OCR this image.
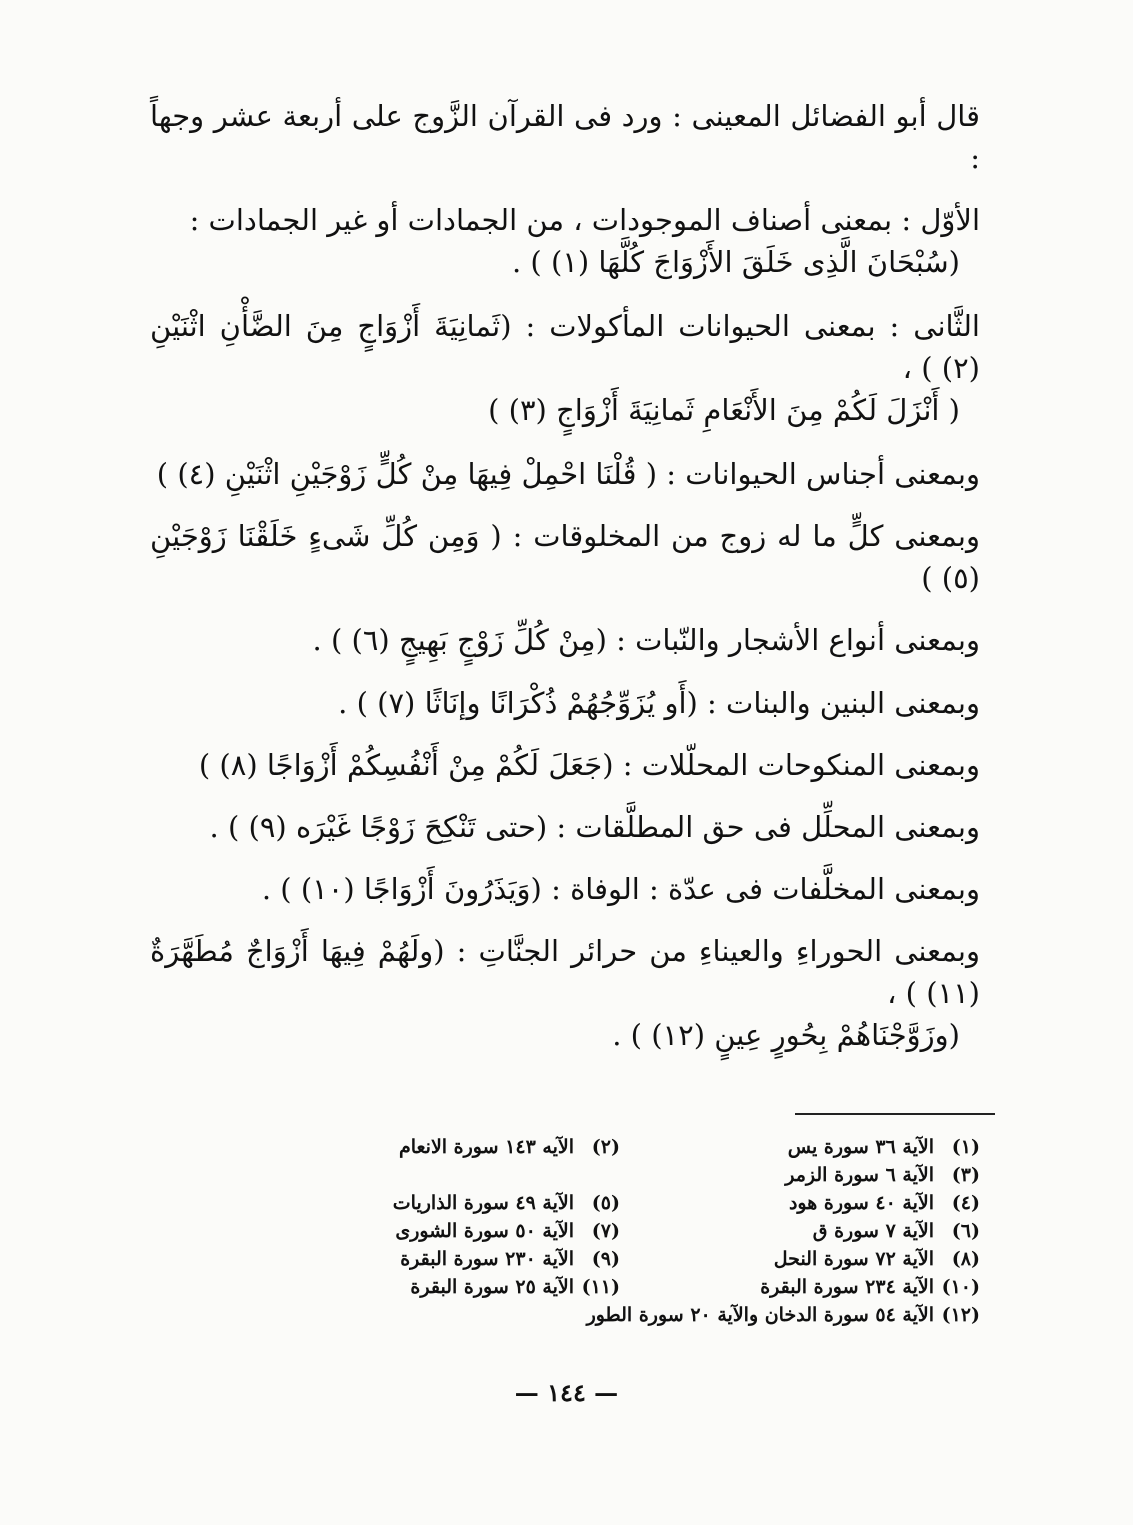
قال أبو الفضائل المعينى : ورد فى القرآن الزَّوج على أربعة عشر وجهاً :

الأوّل : بمعنى أصناف الموجودات ، من الجمادات أو غير الجمادات :
(سُبْحَانَ الَّذِى خَلَقَ الأَزْوَاجَ كُلَّهَا (١) ) .

الثَّانى : بمعنى الحيوانات المأكولات : (ثَمانِيَةَ أَزْوَاجٍ مِنَ الضَّأْنِ اثْنَيْنِ (٢) ) ،
( أَنْزَلَ لَكُمْ مِنَ الأَنْعَامِ ثَمانِيَةَ أَزْوَاجٍ (٣) )

وبمعنى أجناس الحيوانات : ( قُلْنَا احْمِلْ فِيهَا مِنْ كُلٍّ زَوْجَيْنِ اثْنَيْنِ (٤) )

وبمعنى كلٍّ ما له زوج من المخلوقات : ( وَمِن كُلِّ شَىءٍ خَلَقْنَا زَوْجَيْنِ (٥) )

وبمعنى أنواع الأشجار والنّبات : (مِنْ كُلِّ زَوْجٍ بَهِيجٍ (٦) ) .

وبمعنى البنين والبنات : (أَو يُزَوِّجُهُمْ ذُكْرَانًا وإنَاثًا (٧) ) .

وبمعنى المنكوحات المحلّلات : (جَعَلَ لَكُمْ مِنْ أَنْفُسِكُمْ أَزْوَاجًا (٨) )

وبمعنى المحلِّل فى حق المطلَّقات : (حتى تَنْكِحَ زَوْجًا غَيْرَه (٩) ) .

وبمعنى المخلَّفات فى عدّة : الوفاة : (وَيَذَرُونَ أَزْوَاجًا (١٠) ) .

وبمعنى الحوراءِ والعيناءِ من حرائر الجنَّاتِ : (ولَهُمْ فِيهَا أَزْوَاجٌ مُطَهَّرَةٌ (١١) ) ،
(وزَوَّجْنَاهُمْ بِحُورٍ عِينٍ (١٢) ) .

(١)الآية ٣٦ سورة يس
(٢)الآيه ١٤٣ سورة الانعام
(٣)الآية ٦ سورة الزمر
(٤)الآية ٤٠ سورة هود
(٥)الآية ٤٩ سورة الذاريات
(٦)الآية ٧ سورة ق
(٧)الآية ٥٠ سورة الشورى
(٨)الآية ٧٢ سورة النحل
(٩)الآية ٢٣٠ سورة البقرة
(١٠)الآية ٢٣٤ سورة البقرة
(١١)الآية ٢٥ سورة البقرة
(١٢)الآية ٥٤ سورة الدخان والآية ٢٠ سورة الطور
— ١٤٤ —
